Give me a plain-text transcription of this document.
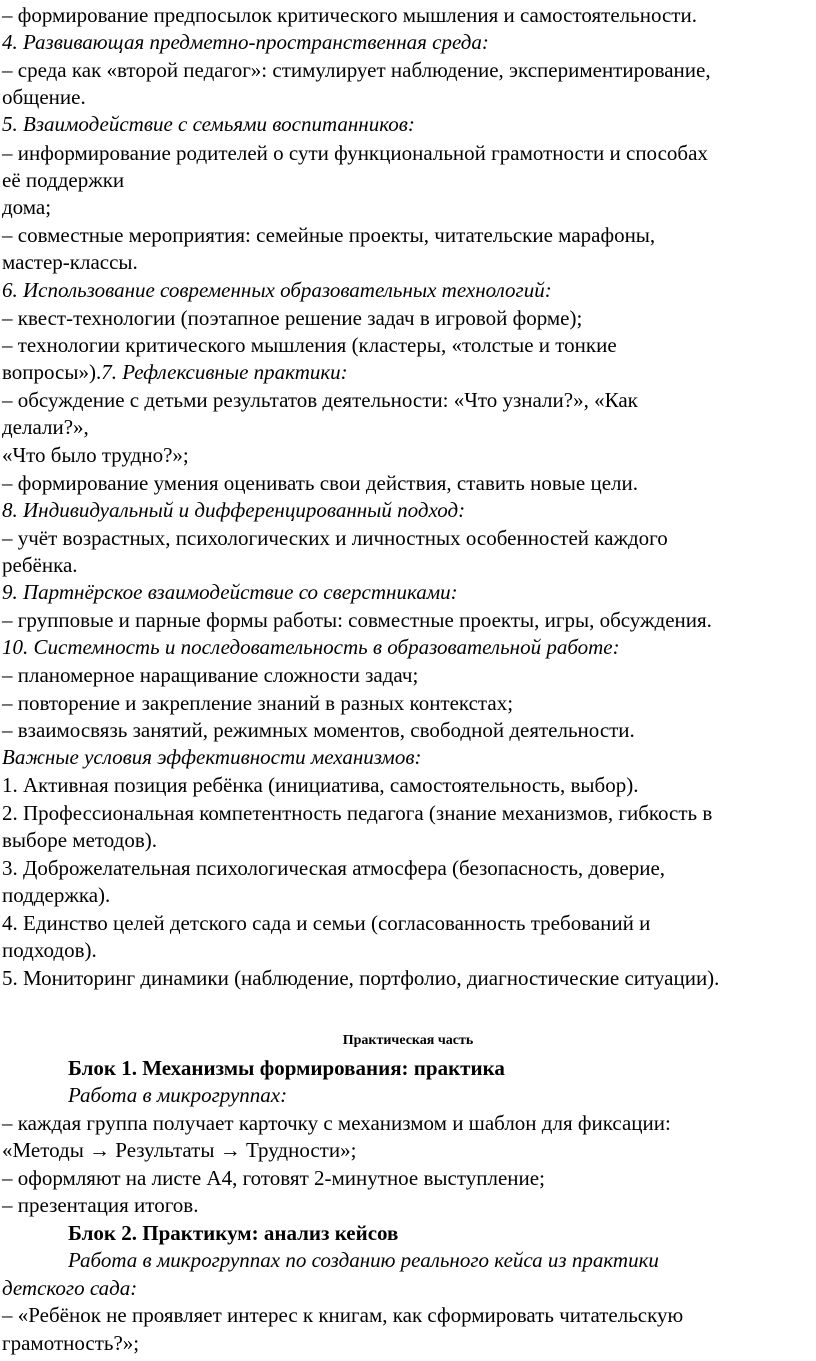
– формирование предпосылок критического мышления и самостоятельности.
4. Развивающая предметно-пространственная среда:
– среда как «второй педагог»: стимулирует наблюдение, экспериментирование,
общение.
5. Взаимодействие с семьями воспитанников:
– информирование родителей о сути функциональной грамотности и способах
её поддержки
дома;
– совместные мероприятия: семейные проекты, читательские марафоны,
мастер-классы.
6. Использование современных образовательных технологий:
– квест-технологии (поэтапное решение задач в игровой форме);
– технологии критического мышления (кластеры, «толстые и тонкие
вопросы»).7. Рефлексивные практики:
– обсуждение с детьми результатов деятельности: «Что узнали?», «Как
делали?»,
«Что было трудно?»;
– формирование умения оценивать свои действия, ставить новые цели.
8. Индивидуальный и дифференцированный подход:
– учёт возрастных, психологических и личностных особенностей каждого
ребёнка.
9. Партнёрское взаимодействие со сверстниками:
– групповые и парные формы работы: совместные проекты, игры, обсуждения.
10. Системность и последовательность в образовательной работе:
– планомерное наращивание сложности задач;
– повторение и закрепление знаний в разных контекстах;
– взаимосвязь занятий, режимных моментов, свободной деятельности.
Важные условия эффективности механизмов:
1. Активная позиция ребёнка (инициатива, самостоятельность, выбор).
2. Профессиональная компетентность педагога (знание механизмов, гибкость в
выборе методов).
3. Доброжелательная психологическая атмосфера (безопасность, доверие,
поддержка).
4. Единство целей детского сада и семьи (согласованность требований и
подходов).
5. Мониторинг динамики (наблюдение, портфолио, диагностические ситуации).
Практическая часть
Блок 1. Механизмы формирования: практика
Работа в микрогруппах:
– каждая группа получает карточку с механизмом и шаблон для фиксации:
«Методы → Результаты → Трудности»;
– оформляют на листе А4, готовят 2-минутное выступление;
– презентация итогов.
Блок 2. Практикум: анализ кейсов
Работа в микрогруппах по созданию реального кейса из практики
детского сада:
– «Ребёнок не проявляет интерес к книгам, как сформировать читательскую
грамотность?»;
